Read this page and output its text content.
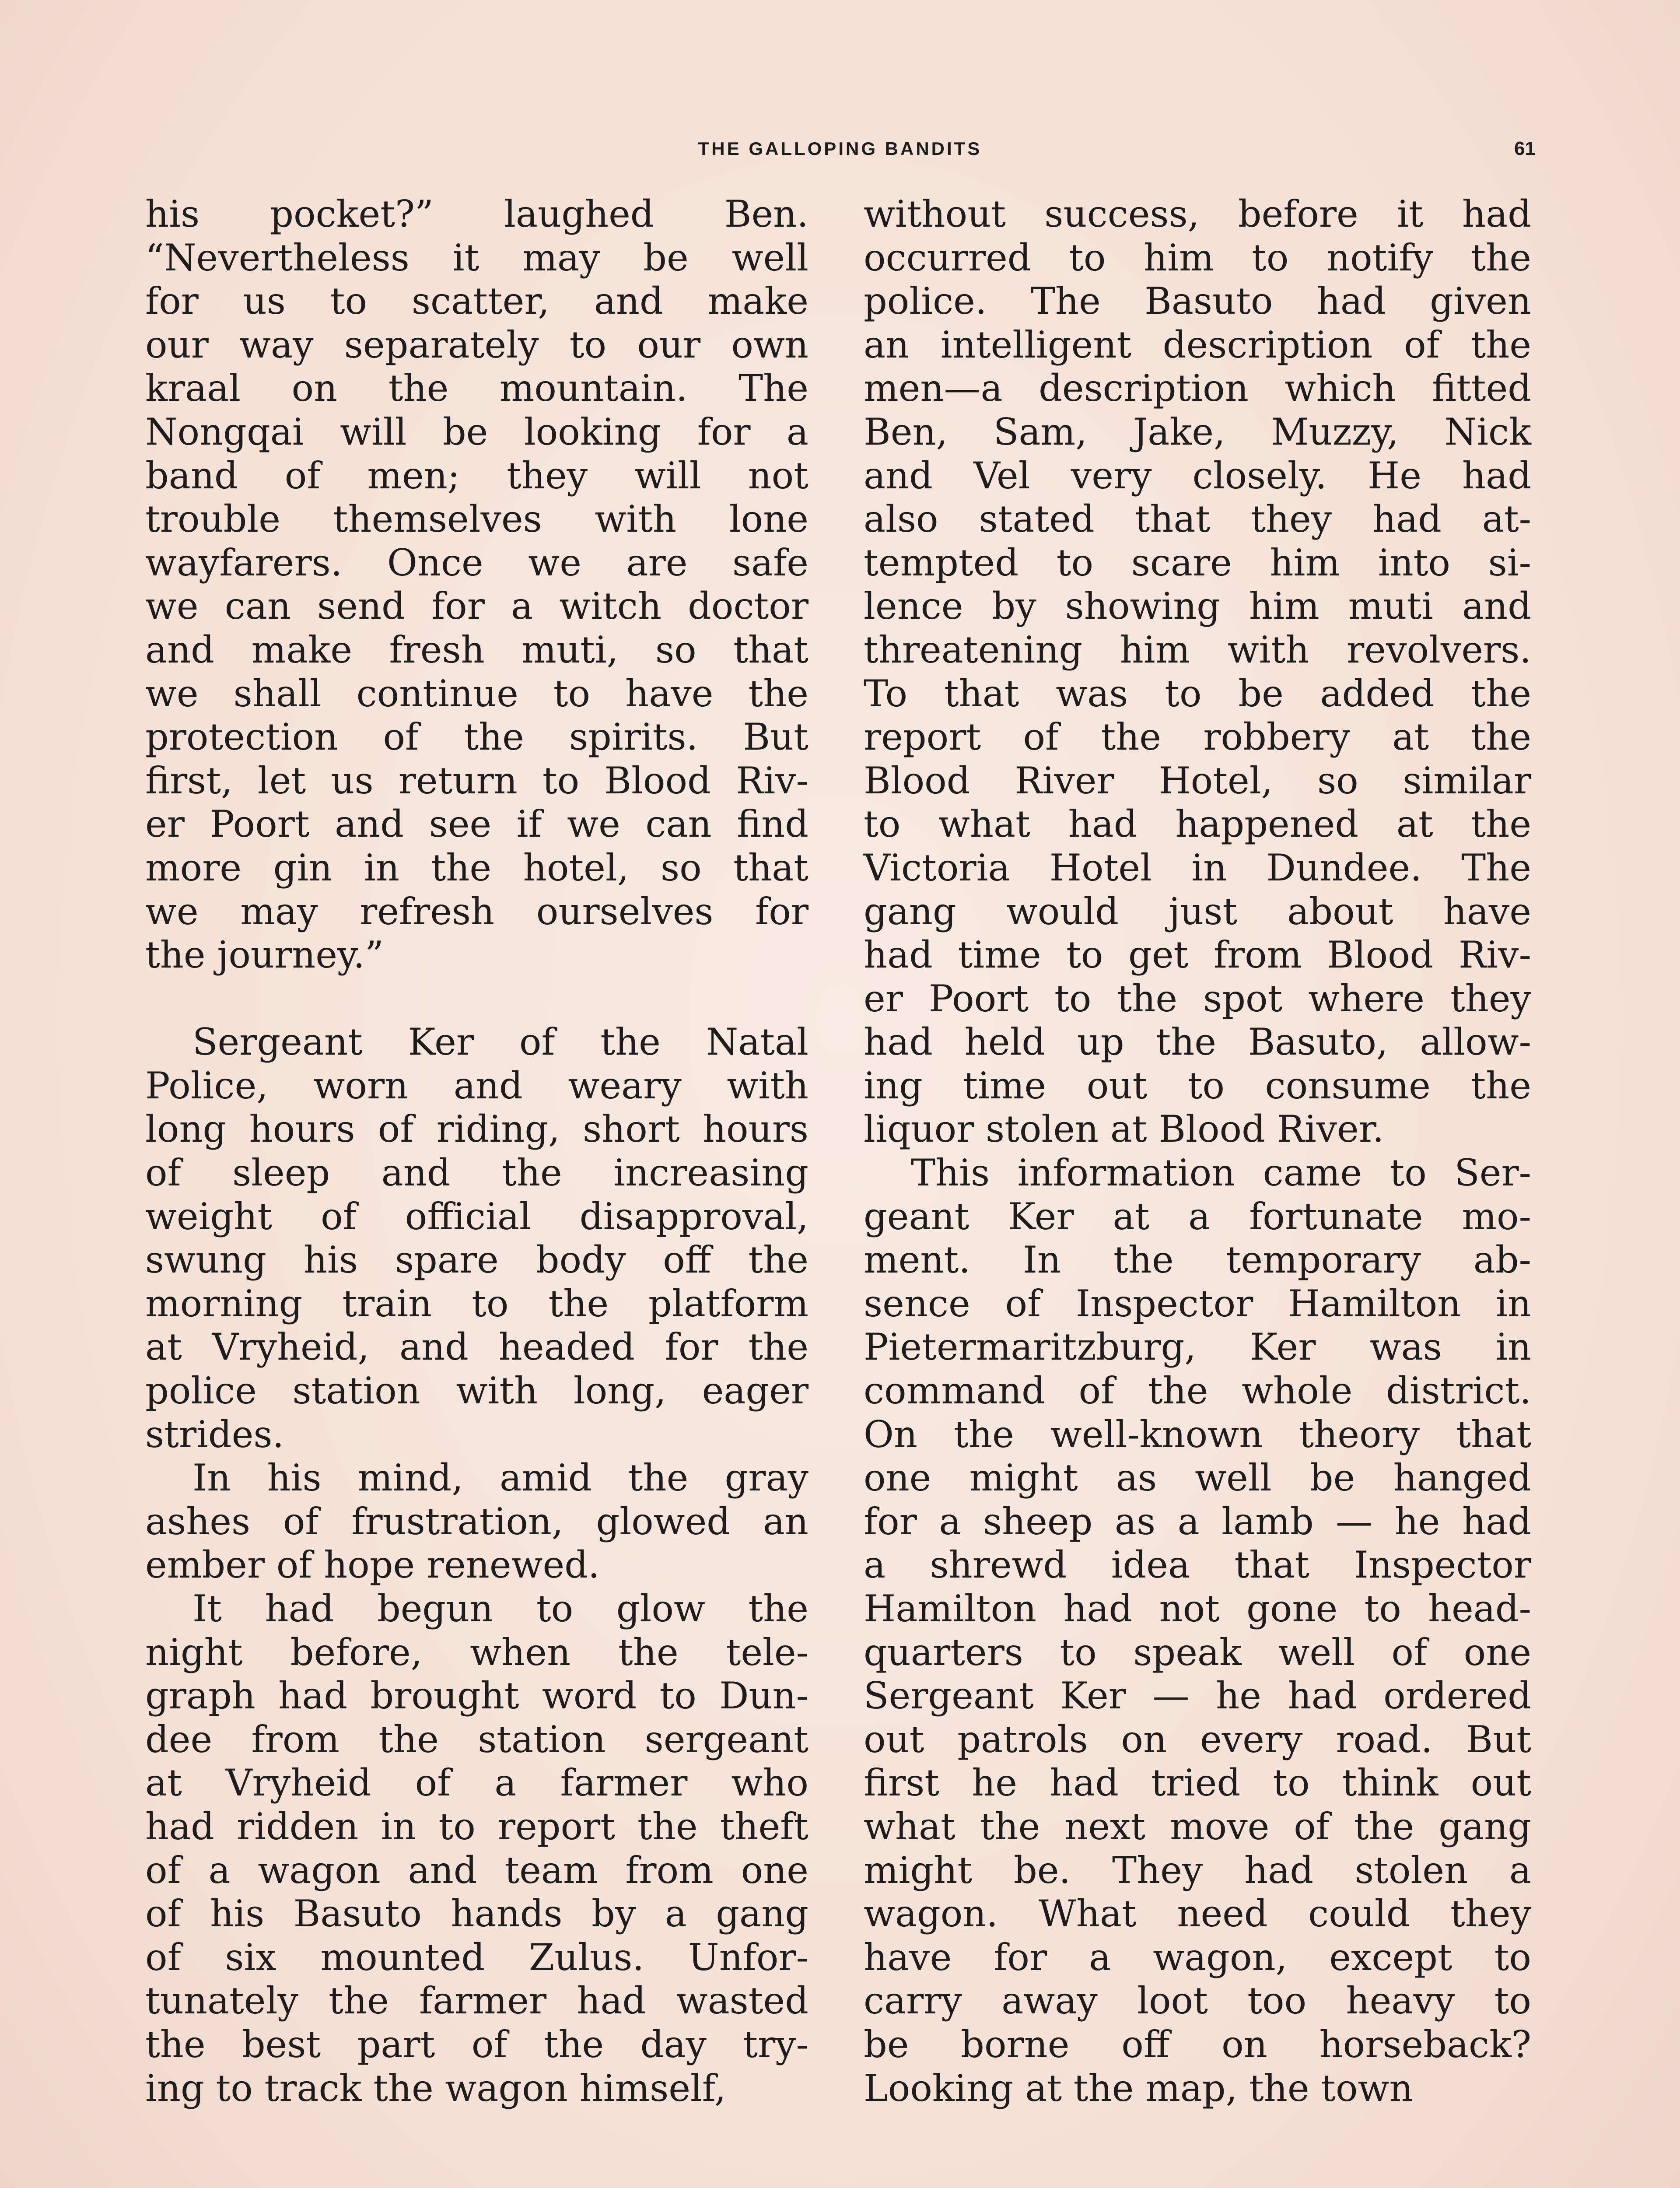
THE GALLOPING BANDITS	61

his pocket?” laughed Ben.
“Nevertheless it may be well
for us to scatter, and make
our way separately to our own
kraal on the mountain. The
Nongqai will be looking for a
band of men; they will not
trouble themselves with lone
wayfarers. Once we are safe
we can send for a witch doctor
and make fresh muti, so that
we shall continue to have the
protection of the spirits. But
first, let us return to Blood Riv-
er Poort and see if we can find
more gin in the hotel, so that
we may refresh ourselves for
the journey.”

Sergeant Ker of the Natal
Police, worn and weary with
long hours of riding, short hours
of sleep and the increasing
weight of official disapproval,
swung his spare body off the
morning train to the platform
at Vryheid, and headed for the
police station with long, eager
strides.

In his mind, amid the gray
ashes of frustration, glowed an
ember of hope renewed.

It had begun to glow the
night before, when the tele-
graph had brought word to Dun-
dee from the station sergeant
at Vryheid of a farmer who
had ridden in to report the theft
of a wagon and team from one
of his Basuto hands by a gang
of six mounted Zulus. Unfor-
tunately the farmer had wasted
the best part of the day try-
ing to track the wagon himself,

without success, before it had
occurred to him to notify the
police. The Basuto had given
an intelligent description of the
men—a description which fitted
Ben, Sam, Jake, Muzzy, Nick
and Vel very closely. He had
also stated that they had at-
tempted to scare him into si-
lence by showing him muti and
threatening him with revolvers.
To that was to be added the
report of the robbery at the
Blood River Hotel, so similar
to what had happened at the
Victoria Hotel in Dundee. The
gang would just about have
had time to get from Blood Riv-
er Poort to the spot where they
had held up the Basuto, allow-
ing time out to consume the
liquor stolen at Blood River.

This information came to Ser-
geant Ker at a fortunate mo-
ment. In the temporary ab-
sence of Inspector Hamilton in
Pietermaritzburg, Ker was in
command of the whole district.
On the well-known theory that
one might as well be hanged
for a sheep as a lamb — he had
a shrewd idea that Inspector
Hamilton had not gone to head-
quarters to speak well of one
Sergeant Ker — he had ordered
out patrols on every road. But
first he had tried to think out
what the next move of the gang
might be. They had stolen a
wagon. What need could they
have for a wagon, except to
carry away loot too heavy to
be borne off on horseback?
Looking at the map, the town
